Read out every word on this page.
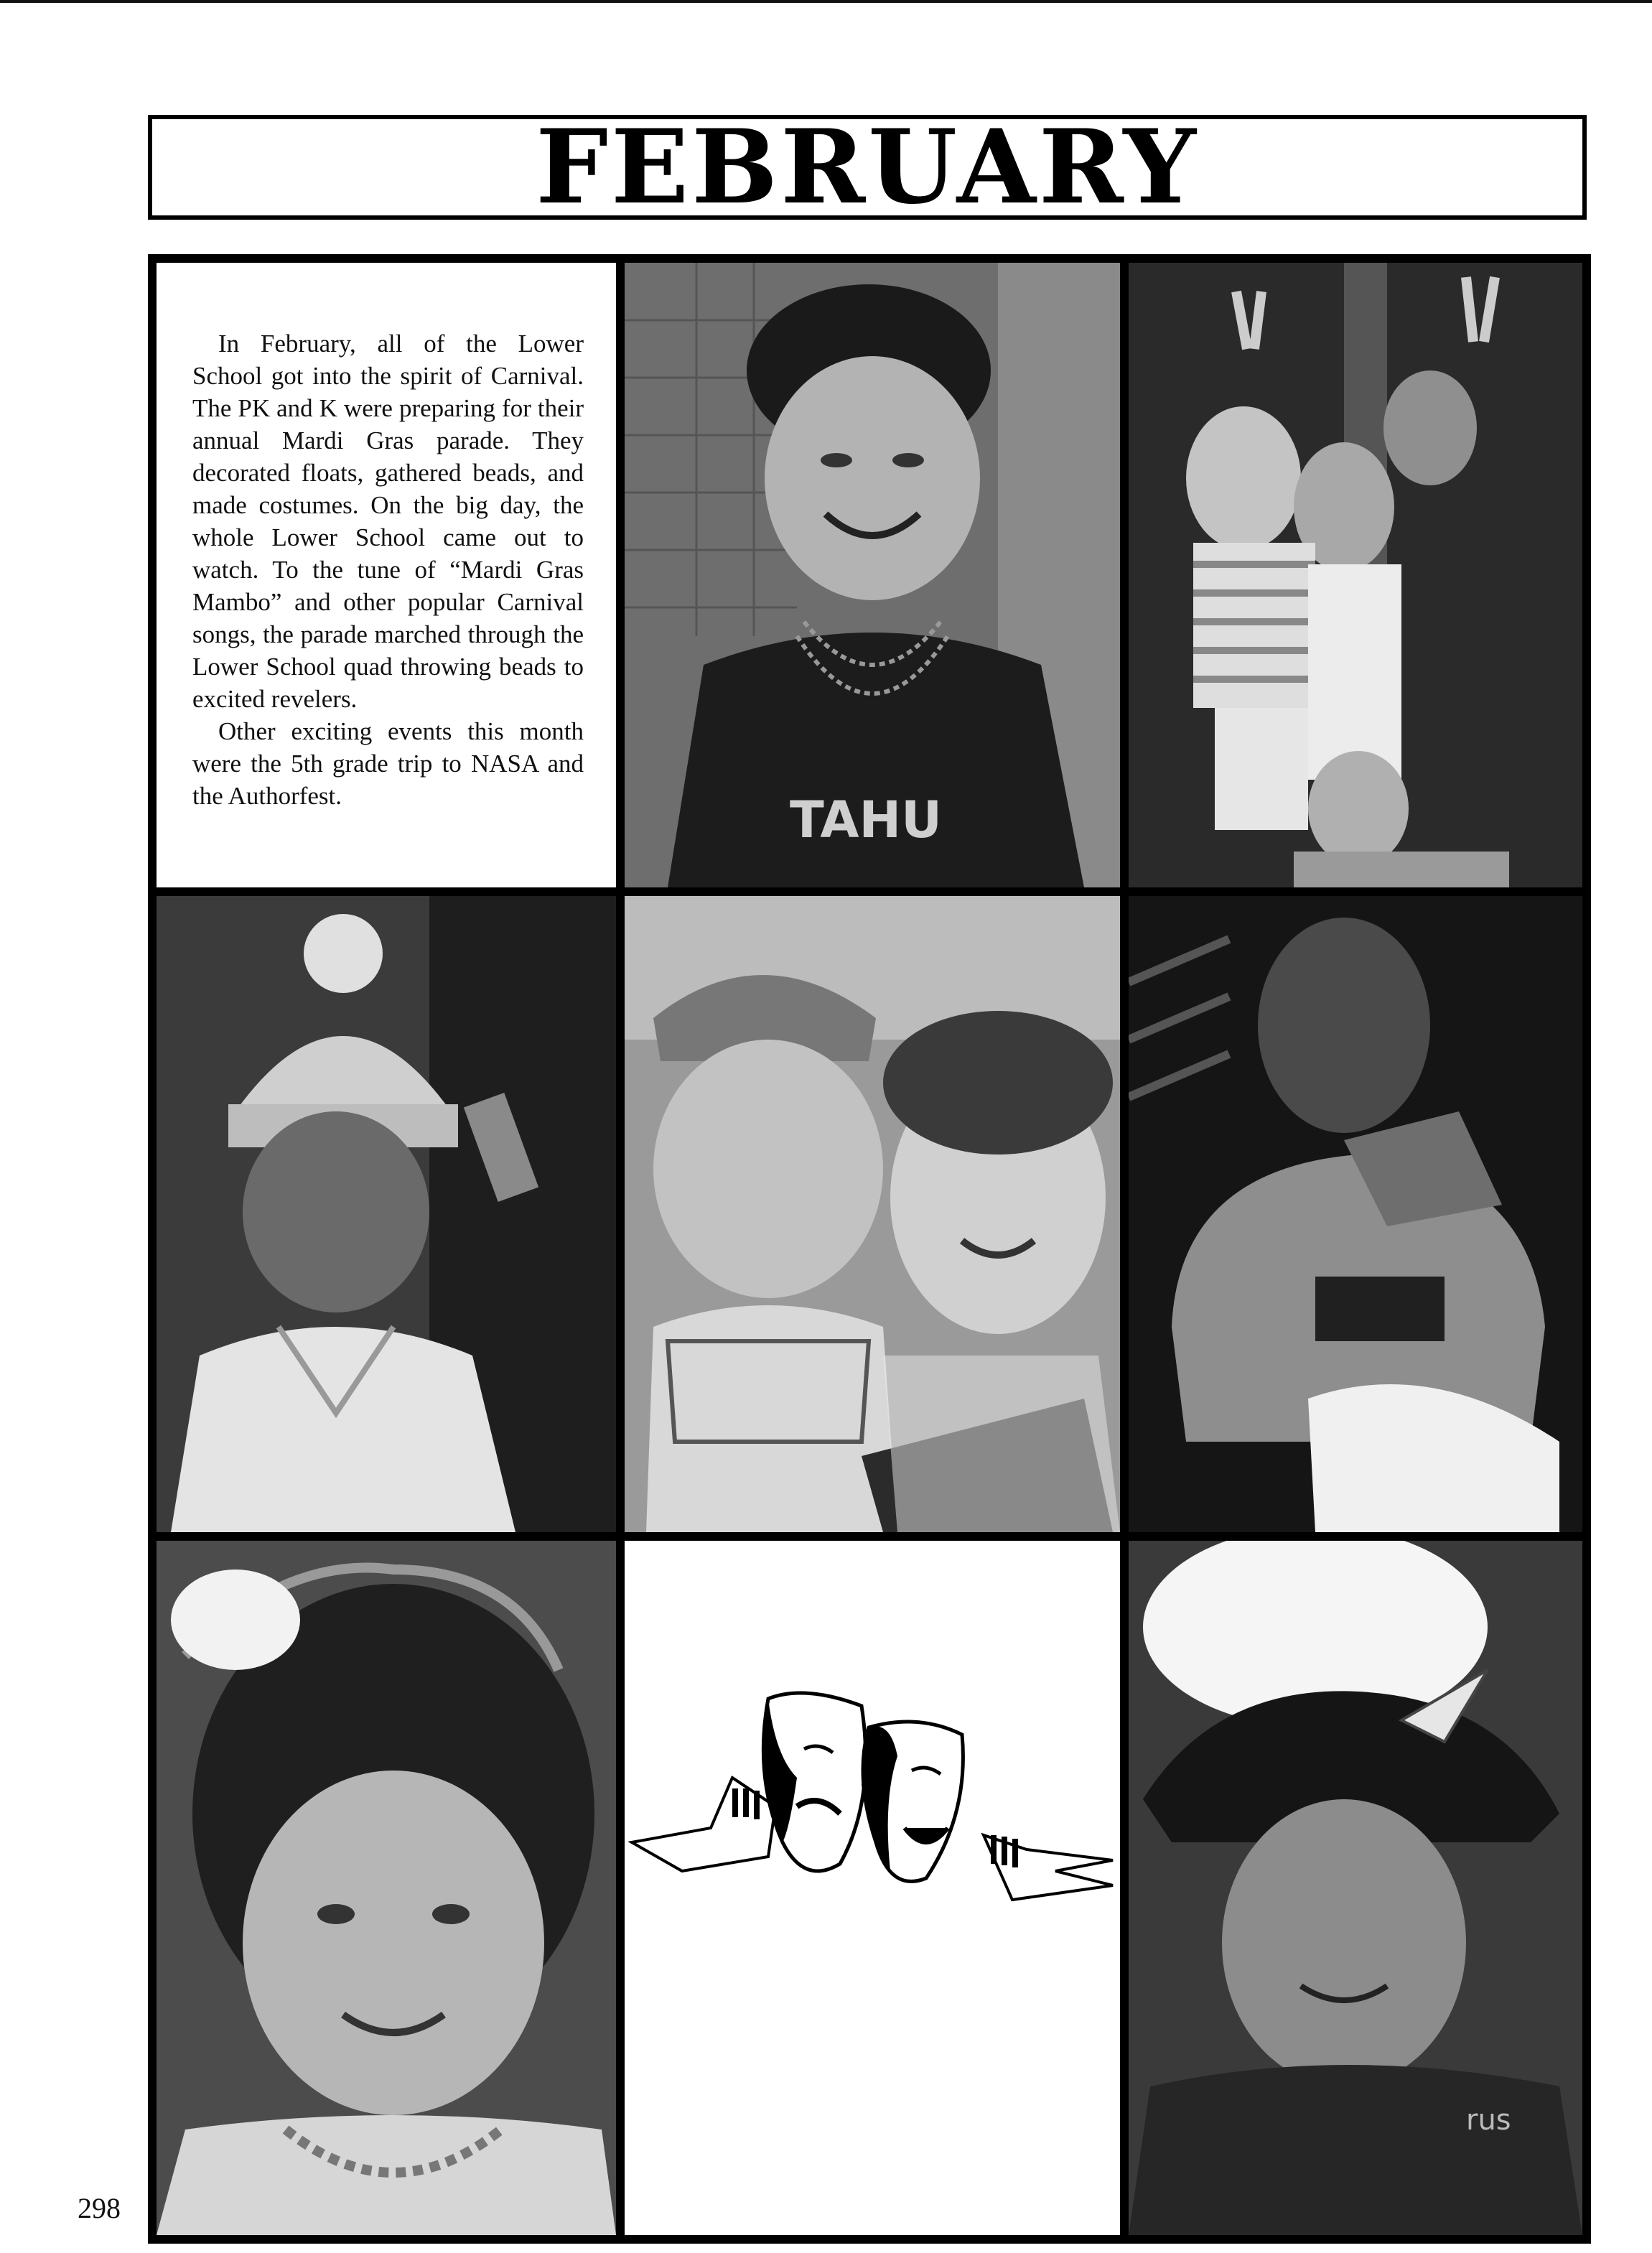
FEBRUARY

In February, all of the Lower School got into the spirit of Carnival. The PK and K were preparing for their annual Mardi Gras parade. They decorated floats, gathered beads, and made costumes. On the big day, the whole Lower School came out to watch. To the tune of “Mardi Gras Mambo” and other popular Carnival songs, the parade marched through the Lower School quad throwing beads to excited revelers.

Other exciting events this month were the 5th grade trip to NASA and the Authorfest.	TAHU
rus
298
